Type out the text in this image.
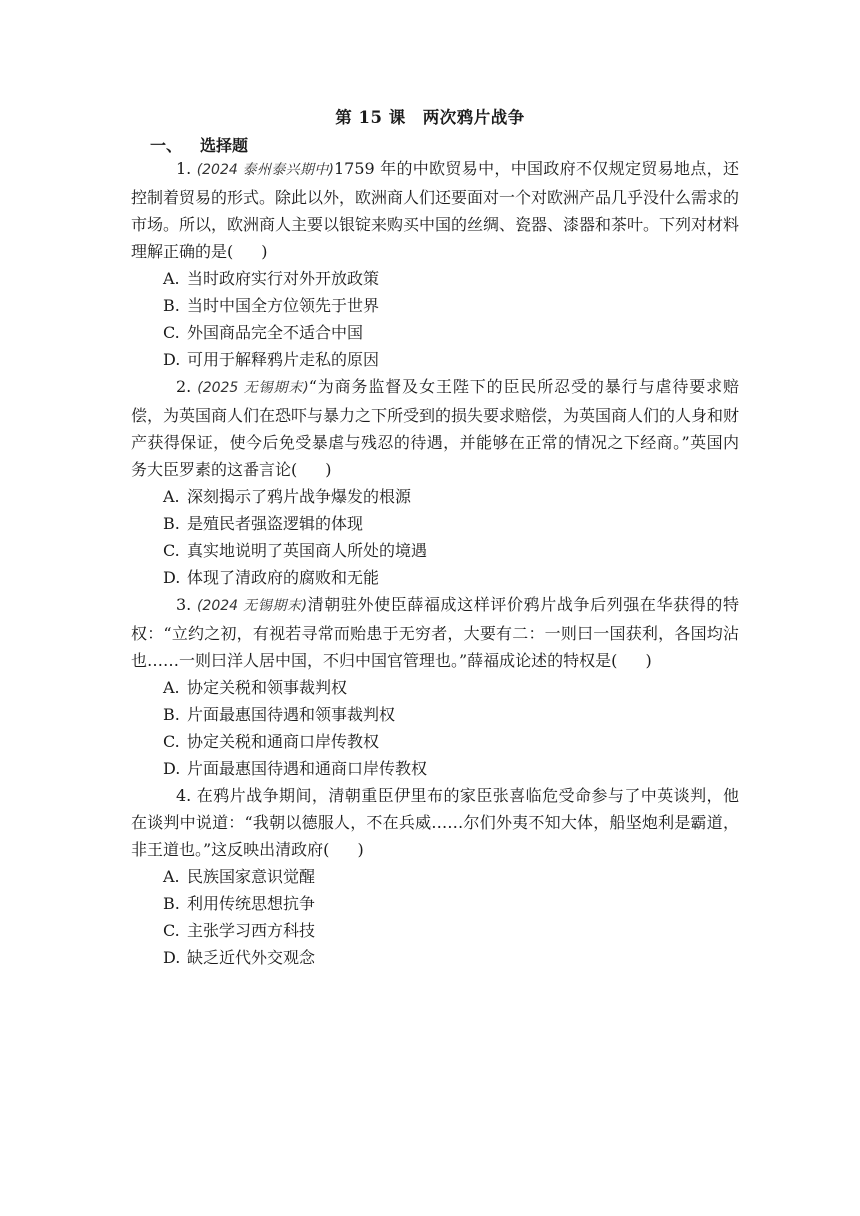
第 15 课　两次鸦片战争
一、 选择题

1. (2024 泰州泰兴期中)1759 年的中欧贸易中，中国政府不仅规定贸易地点，还控制着贸易的形式。除此以外，欧洲商人们还要面对一个对欧洲产品几乎没什么需求的市场。所以，欧洲商人主要以银锭来购买中国的丝绸、瓷器、漆器和茶叶。下列对材料理解正确的是( )

A. 当时政府实行对外开放政策

B. 当时中国全方位领先于世界

C. 外国商品完全不适合中国

D. 可用于解释鸦片走私的原因

2. (2025 无锡期末)“为商务监督及女王陛下的臣民所忍受的暴行与虐待要求赔偿，为英国商人们在恐吓与暴力之下所受到的损失要求赔偿，为英国商人们的人身和财产获得保证，使今后免受暴虐与残忍的待遇，并能够在正常的情况之下经商。”英国内务大臣罗素的这番言论( )

A. 深刻揭示了鸦片战争爆发的根源

B. 是殖民者强盗逻辑的体现

C. 真实地说明了英国商人所处的境遇

D. 体现了清政府的腐败和无能

3. (2024 无锡期末)清朝驻外使臣薛福成这样评价鸦片战争后列强在华获得的特权：“立约之初，有视若寻常而贻患于无穷者，大要有二：一则曰一国获利，各国均沾也……一则曰洋人居中国，不归中国官管理也。”薛福成论述的特权是( )

A. 协定关税和领事裁判权

B. 片面最惠国待遇和领事裁判权

C. 协定关税和通商口岸传教权

D. 片面最惠国待遇和通商口岸传教权

4. 在鸦片战争期间，清朝重臣伊里布的家臣张喜临危受命参与了中英谈判，他在谈判中说道：“我朝以德服人，不在兵威……尔们外夷不知大体，船坚炮利是霸道，非王道也。”这反映出清政府( )

A. 民族国家意识觉醒

B. 利用传统思想抗争

C. 主张学习西方科技

D. 缺乏近代外交观念
